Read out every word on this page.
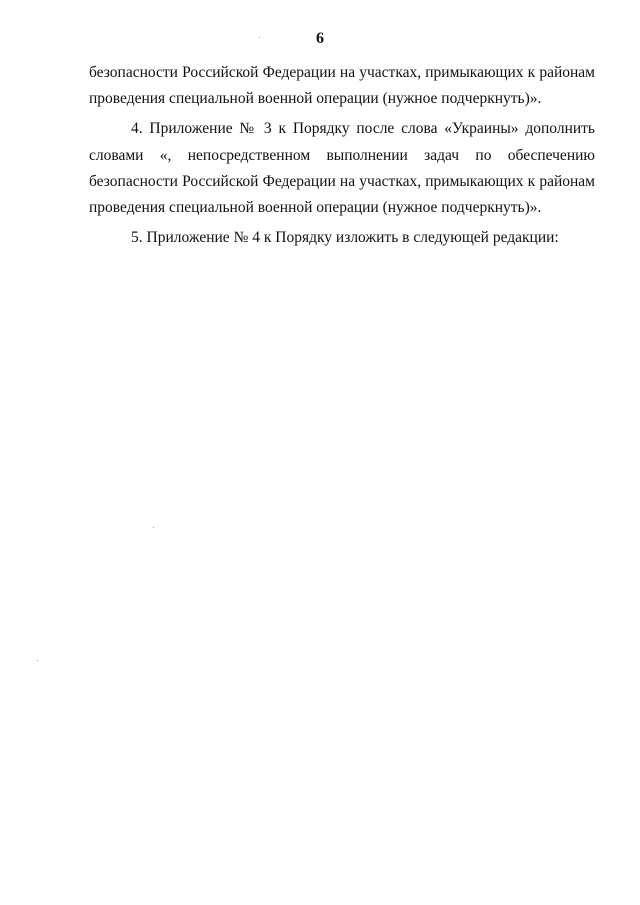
6
безопасности Российской Федерации на участках, примыкающих к районам
проведения специальной военной операции (нужное подчеркнуть)».
4. Приложение № 3 к Порядку после слова «Украины» дополнить
словами «, непосредственном выполнении задач по обеспечению
безопасности Российской Федерации на участках, примыкающих к районам
проведения специальной военной операции (нужное подчеркнуть)».
5. Приложение № 4 к Порядку изложить в следующей редакции:
